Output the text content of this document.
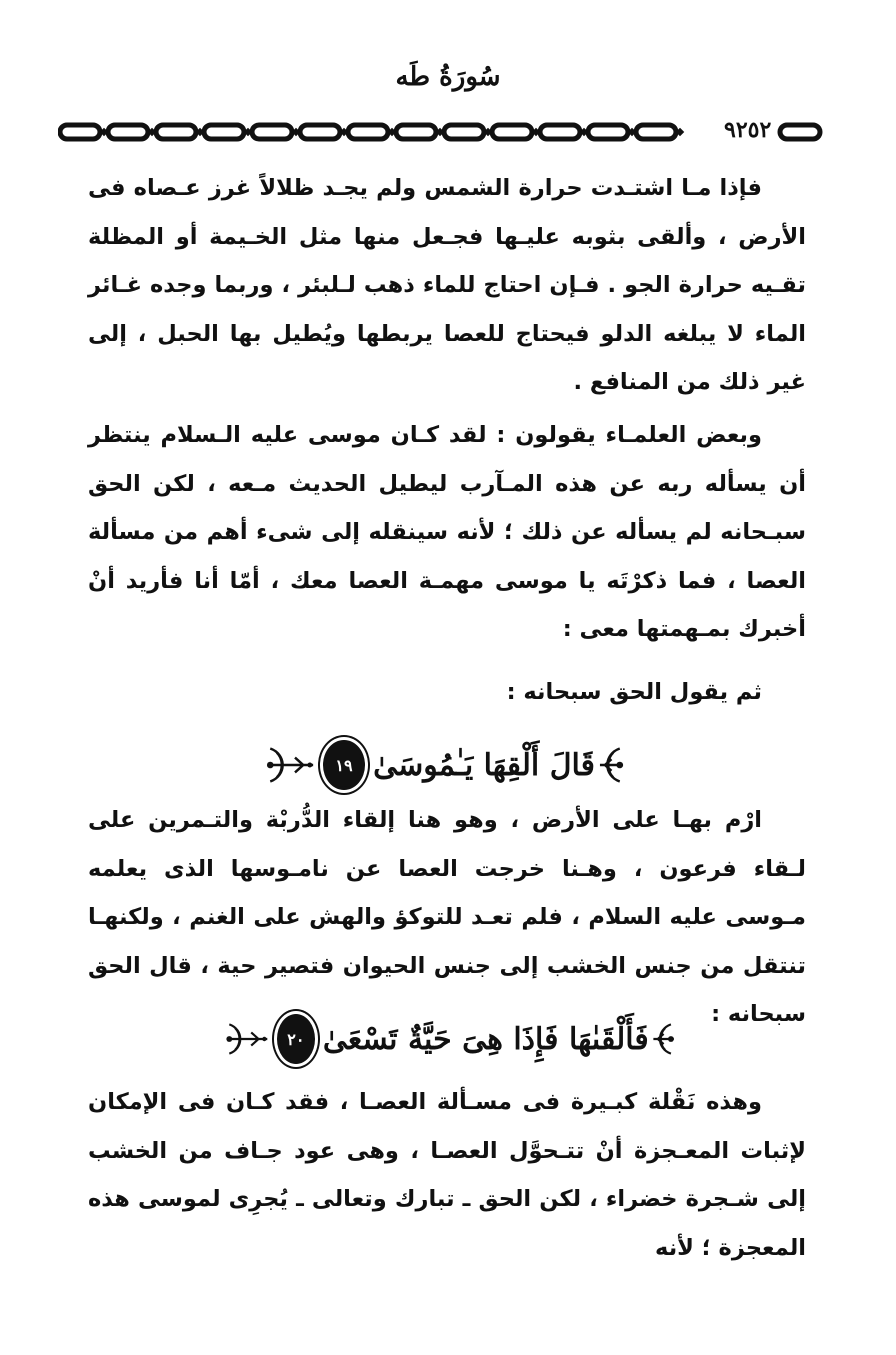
سُورَةُ طَه
٩٢٥٢

فإذا مـا اشتـدت حرارة الشمس ولم يجـد ظلالاً غرز عـصاه فى الأرض ، وألقى بثوبه عليـها فجـعل منها مثل الخـيمة أو المظلة تقـيه حرارة الجو . فـإن احتاج للماء ذهب لـلبئر ، وربما وجده غـائر الماء لا يبلغه الدلو فيحتاج للعصا يربطها ويُطيل بها الحبل ، إلى غير ذلك من المنافع .

وبعض العلمـاء يقولون : لقد كـان موسى عليه الـسلام ينتظر أن يسأله ربه عن هذه المـآرب ليطيل الحديث مـعه ، لكن الحق سبـحانه لم يسأله عن ذلك ؛ لأنه سينقله إلى شىء أهم من مسألة العصا ، فما ذكرْتَه يا موسى مهمـة العصا معك ، أمّا أنا فأريد أنْ أخبرك بمـهمتها معى :

ثم يقول الحق سبحانه :

قَالَ أَلْقِهَا يَـٰمُوسَىٰ
١٩

ارْم بهـا على الأرض ، وهو هنا إلقاء الدُّربْة والتـمرين على لـقاء فرعون ، وهـنا خرجت العصا عن نامـوسها الذى يعلمه مـوسى عليه السلام ، فلم تعـد للتوكؤ والهش على الغنم ، ولكنهـا تنتقل من جنس الخشب إلى جنس الحيوان فتصير حية ، قال الحق سبحانه :

فَأَلْقَىٰهَا فَإِذَا هِىَ حَيَّةٌ تَسْعَىٰ
٢٠

وهذه نَقْلة كبـيرة فى مسـألة العصـا ، فقد كـان فى الإمكان لإثبات المعـجزة أنْ تتـحوَّل العصـا ، وهى عود جـاف من الخشب إلى شـجرة خضراء ، لكن الحق ـ تبارك وتعالى ـ يُجرِى لموسى هذه المعجزة ؛ لأنه
